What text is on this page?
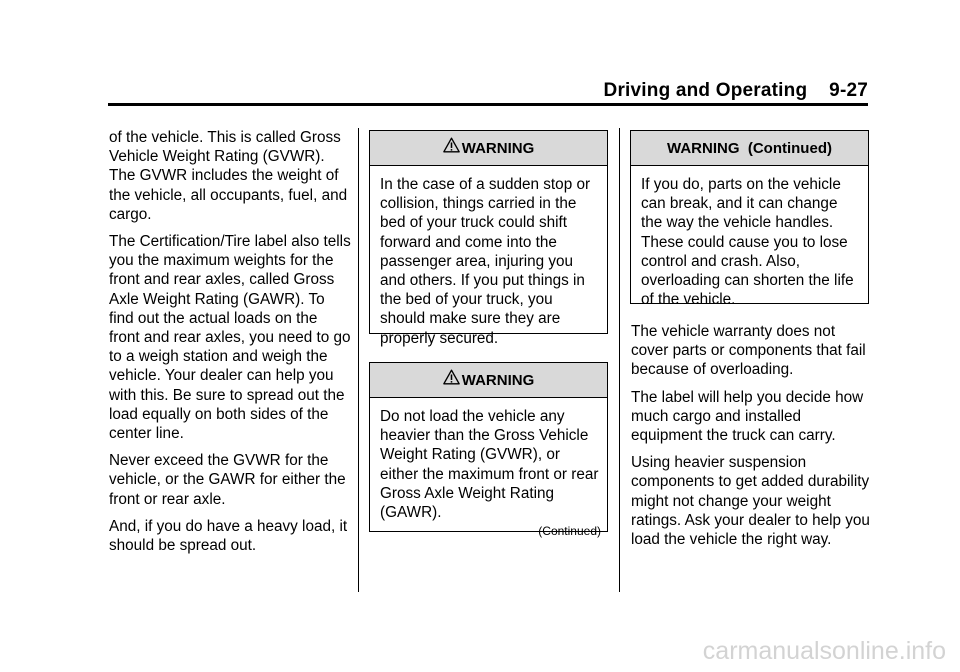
Driving and Operating 9-27

of the vehicle. This is called Gross Vehicle Weight Rating (GVWR). The GVWR includes the weight of the vehicle, all occupants, fuel, and cargo.

The Certification/Tire label also tells you the maximum weights for the front and rear axles, called Gross Axle Weight Rating (GAWR). To find out the actual loads on the front and rear axles, you need to go to a weigh station and weigh the vehicle. Your dealer can help you with this. Be sure to spread out the load equally on both sides of the center line.

Never exceed the GVWR for the vehicle, or the GAWR for either the front or rear axle.

And, if you do have a heavy load, it should be spread out.

WARNING
In the case of a sudden stop or collision, things carried in the bed of your truck could shift forward and come into the passenger area, injuring you and others. If you put things in the bed of your truck, you should make sure they are properly secured.
WARNING
Do not load the vehicle any heavier than the Gross Vehicle Weight Rating (GVWR), or either the maximum front or rear Gross Axle Weight Rating (GAWR).
(Continued)
WARNING  (Continued)
If you do, parts on the vehicle can break, and it can change the way the vehicle handles. These could cause you to lose control and crash. Also, overloading can shorten the life of the vehicle.

The vehicle warranty does not cover parts or components that fail because of overloading.

The label will help you decide how much cargo and installed equipment the truck can carry.

Using heavier suspension components to get added durability might not change your weight ratings. Ask your dealer to help you load the vehicle the right way.

carmanualsonline.info
